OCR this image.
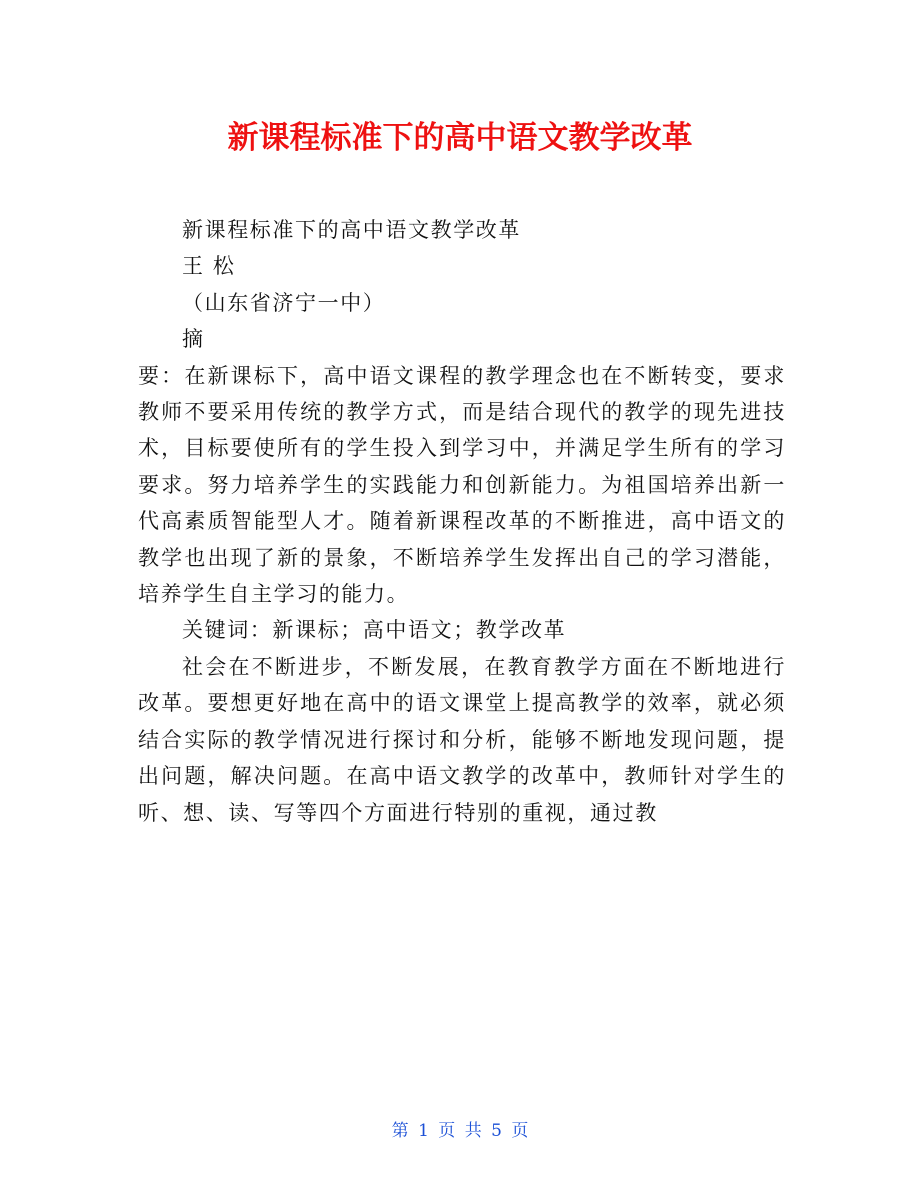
新课程标准下的高中语文教学改革

新课程标准下的高中语文教学改革

王 松

（山东省济宁一中）

摘

要：在新课标下，高中语文课程的教学理念也在不断转变，要求教师不要采用传统的教学方式，而是结合现代的教学的现先进技术，目标要使所有的学生投入到学习中，并满足学生所有的学习要求。努力培养学生的实践能力和创新能力。为祖国培养出新一代高素质智能型人才。随着新课程改革的不断推进，高中语文的教学也出现了新的景象，不断培养学生发挥出自己的学习潜能，培养学生自主学习的能力。

关键词：新课标；高中语文；教学改革

社会在不断进步，不断发展，在教育教学方面在不断地进行改革。要想更好地在高中的语文课堂上提高教学的效率，就必须结合实际的教学情况进行探讨和分析，能够不断地发现问题，提出问题，解决问题。在高中语文教学的改革中，教师针对学生的听、想、读、写等四个方面进行特别的重视，通过教

第 1 页 共 5 页
